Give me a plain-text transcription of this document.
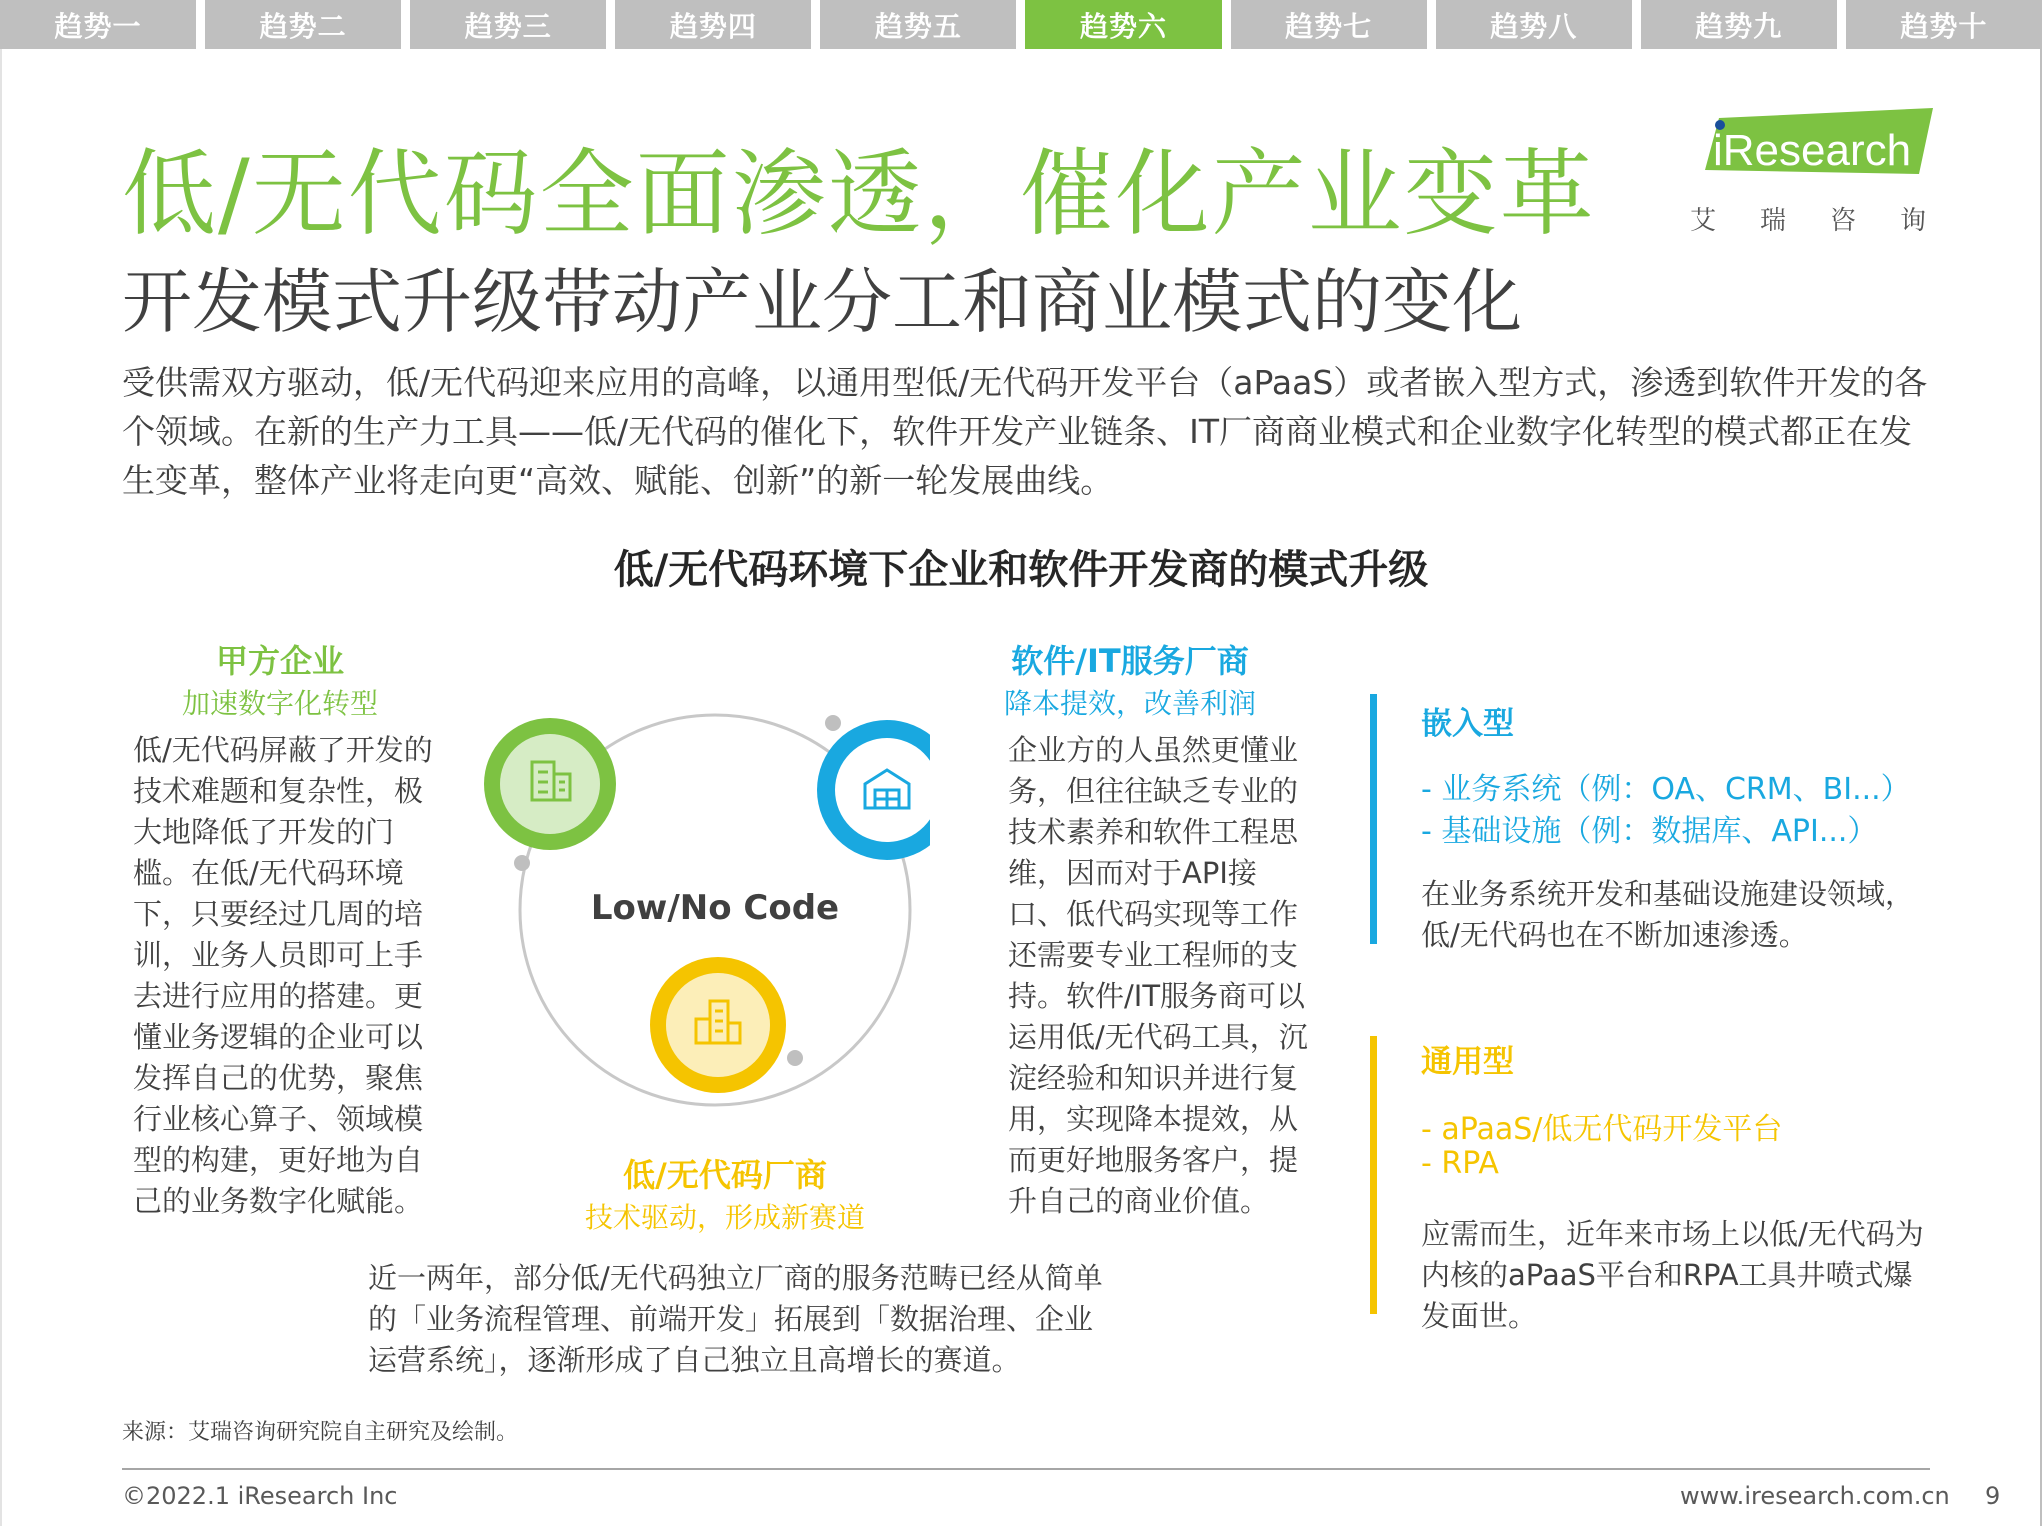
趋势一	趋势二	趋势三	趋势四	趋势五	趋势六	趋势七	趋势八	趋势九	趋势十
低/无代码全面渗透，催化产业变革
开发模式升级带动产业分工和商业模式的变化
iResearch
艾瑞咨询
受供需双方驱动，低/无代码迎来应用的高峰，以通用型低/无代码开发平台（aPaaS）或者嵌入型方式，渗透到软件开发的各个领域。在新的生产力工具——低/无代码的催化下，软件开发产业链条、IT厂商商业模式和企业数字化转型的模式都正在发生变革，整体产业将走向更“高效、赋能、创新”的新一轮发展曲线。
低/无代码环境下企业和软件开发商的模式升级
甲方企业
加速数字化转型
低/无代码屏蔽了开发的技术难题和复杂性，极大地降低了开发的门槛。在低/无代码环境下，只要经过几周的培训，业务人员即可上手去进行应用的搭建。更懂业务逻辑的企业可以发挥自己的优势，聚焦行业核心算子、领域模型的构建，更好地为自己的业务数字化赋能。
Low/No Code
软件/IT服务厂商
降本提效，改善利润
企业方的人虽然更懂业务，但往往缺乏专业的技术素养和软件工程思维，因而对于API接口、低代码实现等工作还需要专业工程师的支持。软件/IT服务商可以运用低/无代码工具，沉淀经验和知识并进行复用，实现降本提效，从而更好地服务客户，提升自己的商业价值。
低/无代码厂商
技术驱动，形成新赛道
近一两年，部分低/无代码独立厂商的服务范畴已经从简单的「业务流程管理、前端开发」拓展到「数据治理、企业运营系统」，逐渐形成了自己独立且高增长的赛道。
嵌入型
- 业务系统（例：OA、CRM、BI...）
- 基础设施（例：数据库、API...）
在业务系统开发和基础设施建设领域，低/无代码也在不断加速渗透。
通用型
- aPaaS/低无代码开发平台
- RPA
应需而生，近年来市场上以低/无代码为内核的aPaaS平台和RPA工具井喷式爆发面世。
来源：艾瑞咨询研究院自主研究及绘制。
©2022.1 iResearch Inc	www.iresearch.com.cn 9
